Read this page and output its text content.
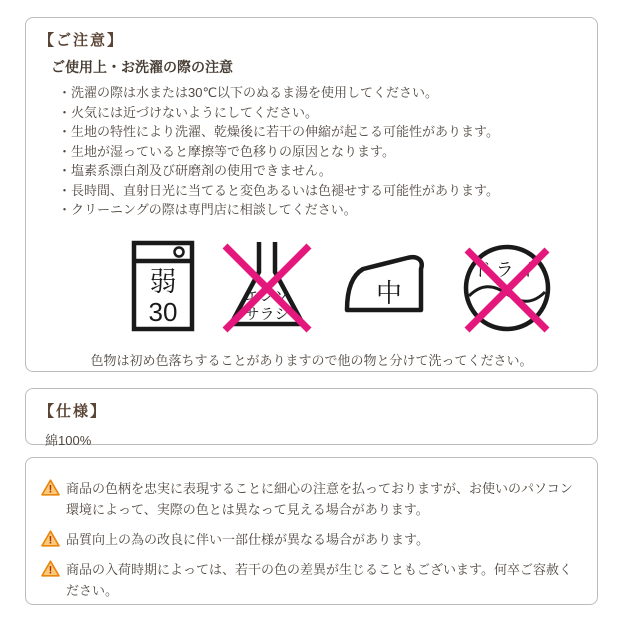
【ご注意】
ご使用上・お洗濯の際の注意
・洗濯の際は水または30℃以下のぬるま湯を使用してください。
・火気には近づけないようにしてください。
・生地の特性により洗濯、乾燥後に若干の伸縮が起こる可能性があります。
・生地が湿っていると摩擦等で色移りの原因となります。
・塩素系漂白剤及び研磨剤の使用できません。
・長時間、直射日光に当てると変色あるいは色褪せする可能性があります。
・クリーニングの際は専門店に相談してください。
弱
30
エンソ
サラシ
中
ドライ
色物は初め色落ちすることがありますので他の物と分けて洗ってください。
【仕様】
綿100%
! 商品の色柄を忠実に表現することに細心の注意を払っておりますが、お使いのパソコン環境によって、実際の色とは異なって見える場合があります。
! 品質向上の為の改良に伴い一部仕様が異なる場合があります。
! 商品の入荷時期によっては、若干の色の差異が生じることもございます。何卒ご容赦ください。
